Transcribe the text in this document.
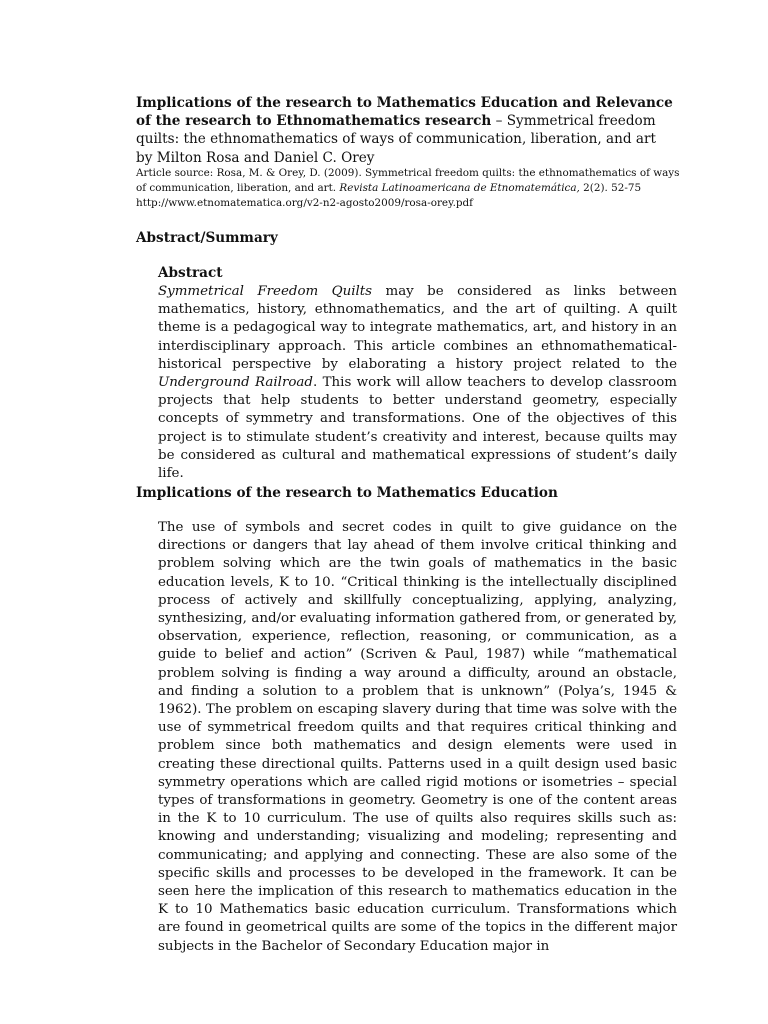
Implications of the research to Mathematics Education and Relevance of the research to Ethnomathematics research – Symmetrical freedom quilts: the ethnomathematics of ways of communication, liberation, and art by Milton Rosa and Daniel C. Orey
Article source: Rosa, M. & Orey, D. (2009). Symmetrical freedom quilts: the ethnomathematics of ways of communication, liberation, and art. Revista Latinoamericana de Etnomatemática, 2(2). 52-75
http://www.etnomatematica.org/v2-n2-agosto2009/rosa-orey.pdf
Abstract/Summary
Abstract
Symmetrical Freedom Quilts may be considered as links between mathematics, history, ethnomathematics, and the art of quilting. A quilt theme is a pedagogical way to integrate mathematics, art, and history in an interdisciplinary approach. This article combines an ethnomathematical-historical perspective by elaborating a history project related to the Underground Railroad. This work will allow teachers to develop classroom projects that help students to better understand geometry, especially concepts of symmetry and transformations. One of the objectives of this project is to stimulate student’s creativity and interest, because quilts may be considered as cultural and mathematical expressions of student’s daily life.
Implications of the research to Mathematics Education
The use of symbols and secret codes in quilt to give guidance on the directions or dangers that lay ahead of them involve critical thinking and problem solving which are the twin goals of mathematics in the basic education levels, K to 10. “Critical thinking is the intellectually disciplined process of actively and skillfully conceptualizing, applying, analyzing, synthesizing, and/or evaluating information gathered from, or generated by, observation, experience, reflection, reasoning, or communication, as a guide to belief and action” (Scriven & Paul, 1987) while “mathematical problem solving is finding a way around a difficulty, around an obstacle, and finding a solution to a problem that is unknown” (Polya’s, 1945 & 1962). The problem on escaping slavery during that time was solve with the use of symmetrical freedom quilts and that requires critical thinking and problem since both mathematics and design elements were used in creating these directional quilts. Patterns used in a quilt design used basic symmetry operations which are called rigid motions or isometries – special types of transformations in geometry. Geometry is one of the content areas in the K to 10 curriculum. The use of quilts also requires skills such as: knowing and understanding; visualizing and modeling; representing and communicating; and applying and connecting. These are also some of the specific skills and processes to be developed in the framework. It can be seen here the implication of this research to mathematics education in the K to 10 Mathematics basic education curriculum. Transformations which are found in geometrical quilts are some of the topics in the different major subjects in the Bachelor of Secondary Education major in
